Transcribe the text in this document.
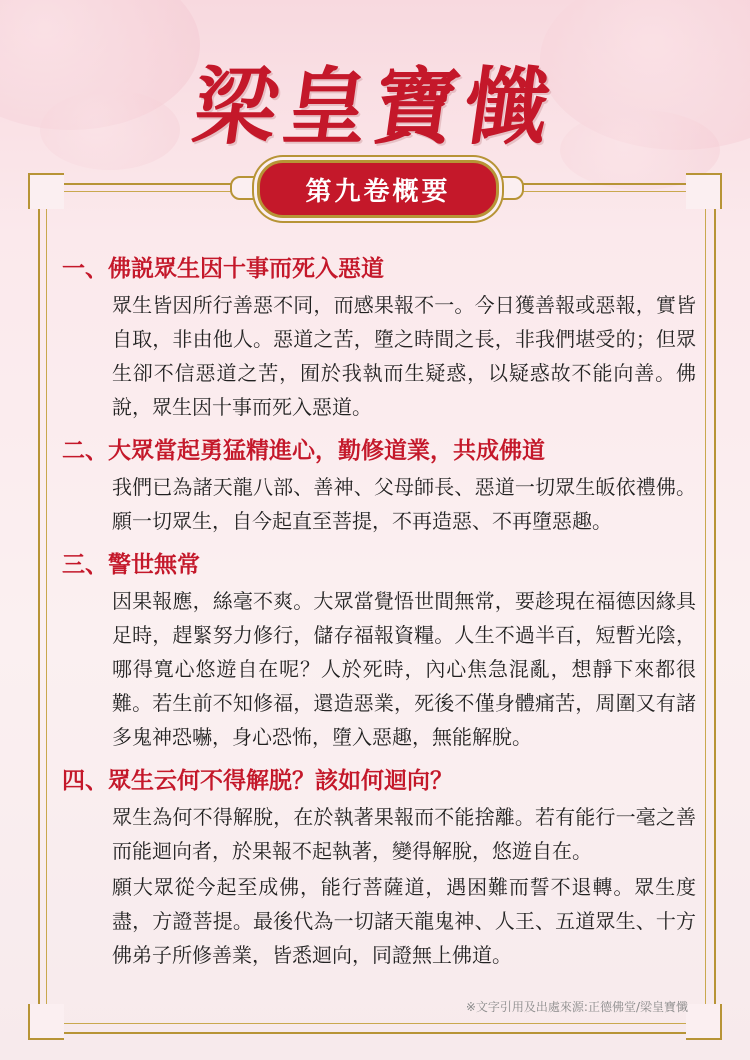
梁皇寶懺
第九卷概要
一、佛説眾生因十事而死入惡道

眾生皆因所行善惡不同，而感果報不一。今日獲善報或惡報，實皆自取，非由他人。惡道之苦，墮之時間之長，非我們堪受的；但眾生卻不信惡道之苦，囿於我執而生疑惑，以疑惑故不能向善。佛說，眾生因十事而死入惡道。

二、大眾當起勇猛精進心，勤修道業，共成佛道

我們已為諸天龍八部、善神、父母師長、惡道一切眾生皈依禮佛。願一切眾生，自今起直至菩提，不再造惡、不再墮惡趣。

三、警世無常

因果報應，絲毫不爽。大眾當覺悟世間無常，要趁現在福德因緣具足時，趕緊努力修行，儲存福報資糧。人生不過半百，短暫光陰，哪得寬心悠遊自在呢？人於死時，內心焦急混亂，想靜下來都很難。若生前不知修福，還造惡業，死後不僅身體痛苦，周圍又有諸多鬼神恐嚇，身心恐怖，墮入惡趣，無能解脫。

四、眾生云何不得解脱？該如何迴向？

眾生為何不得解脫，在於執著果報而不能捨離。若有能行一毫之善而能迴向者，於果報不起執著，變得解脫，悠遊自在。

願大眾從今起至成佛，能行菩薩道，遇困難而誓不退轉。眾生度盡，方證菩提。最後代為一切諸天龍鬼神、人王、五道眾生、十方佛弟子所修善業，皆悉迴向，同證無上佛道。

※文字引用及出處來源:正德佛堂/梁皇寶懺
